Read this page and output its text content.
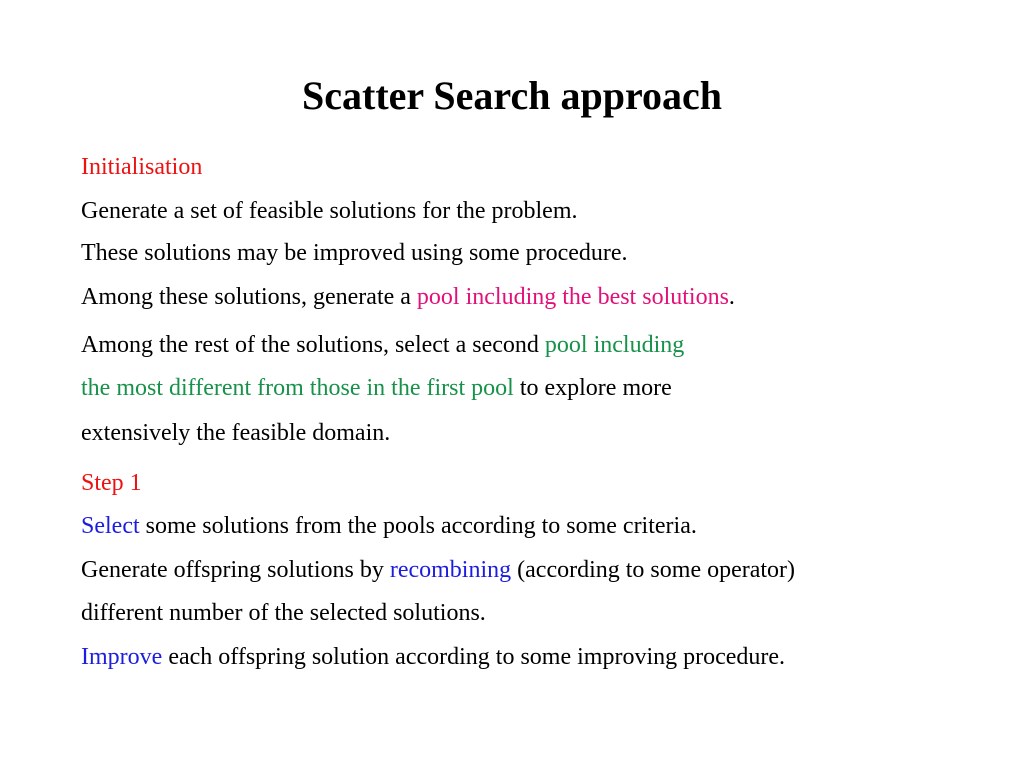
Scatter Search approach
Initialisation
Generate a set of feasible solutions for the problem.
These solutions may be improved using some procedure.
Among these solutions, generate a pool including the best solutions.
Among the rest of the solutions, select a second pool including
the most different from those in the first pool to explore more
extensively the feasible domain.
Step 1
Select some solutions from the pools according to some criteria.
Generate offspring solutions by recombining (according to some operator)
different number of the selected solutions.
Improve each offspring solution according to some improving procedure.
